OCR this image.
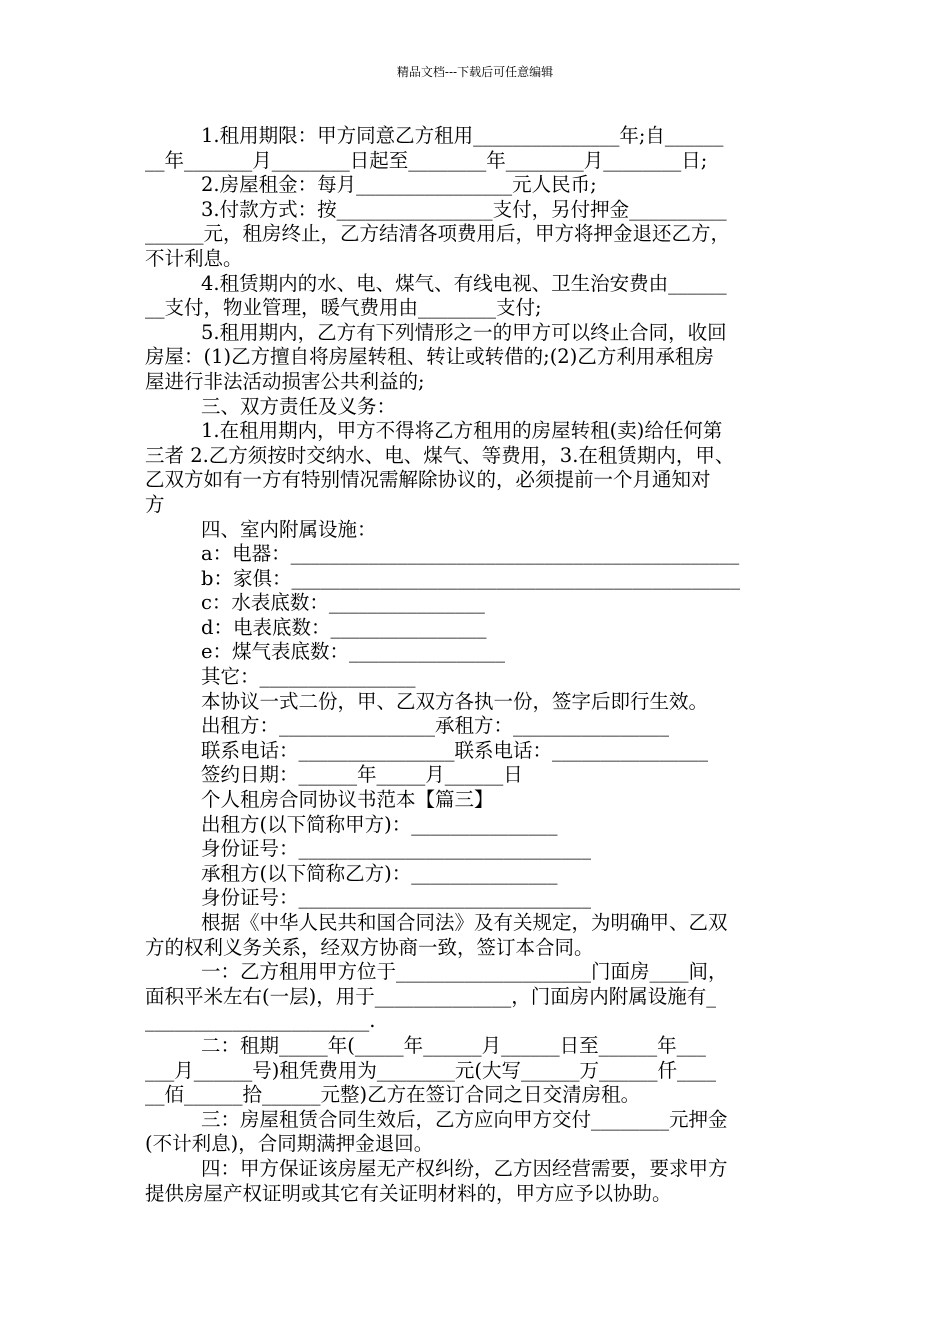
精品文档---下载后可任意编辑
1.租用期限：甲方同意乙方租用_______________年;自______
__年_______月________日起至________年________月________日;
2.房屋租金：每月________________元人民币;
3.付款方式：按________________支付，另付押金__________
______元，租房终止，乙方结清各项费用后，甲方将押金退还乙方，
不计利息。
4.租赁期内的水、电、煤气、有线电视、卫生治安费由______
__支付，物业管理，暖气费用由________支付;
5.租用期内，乙方有下列情形之一的甲方可以终止合同，收回
房屋：(1)乙方擅自将房屋转租、转让或转借的;(2)乙方利用承租房
屋进行非法活动损害公共利益的;
三、双方责任及义务：
1.在租用期内，甲方不得将乙方租用的房屋转租(卖)给任何第
三者 2.乙方须按时交纳水、电、煤气、等费用，3.在租赁期内，甲、
乙双方如有一方有特别情况需解除协议的，必须提前一个月通知对
方
四、室内附属设施：
a：电器：______________________________________________
b：家俱：______________________________________________
c：水表底数：________________
d：电表底数：________________
e：煤气表底数：________________
其它：________________
本协议一式二份，甲、乙双方各执一份，签字后即行生效。
出租方：________________承租方：________________
联系电话：________________联系电话：________________
签约日期：______年_____月______日
个人租房合同协议书范本【篇三】
出租方(以下简称甲方)：_______________
身份证号：______________________________
承租方(以下简称乙方)：_______________
身份证号：______________________________
根据《中华人民共和国合同法》及有关规定，为明确甲、乙双
方的权利义务关系，经双方协商一致，签订本合同。
一：乙方租用甲方位于____________________门面房____间，
面积平米左右(一层)，用于______________，门面房内附属设施有_
_______________________.
二：租期_____年(_____年______月______日至______年___
___月______号)租凭费用为________元(大写______万______仟____
__佰______拾______元整)乙方在签订合同之日交清房租。
三：房屋租赁合同生效后，乙方应向甲方交付________元押金
(不计利息)，合同期满押金退回。
四：甲方保证该房屋无产权纠纷，乙方因经营需要，要求甲方
提供房屋产权证明或其它有关证明材料的，甲方应予以协助。
